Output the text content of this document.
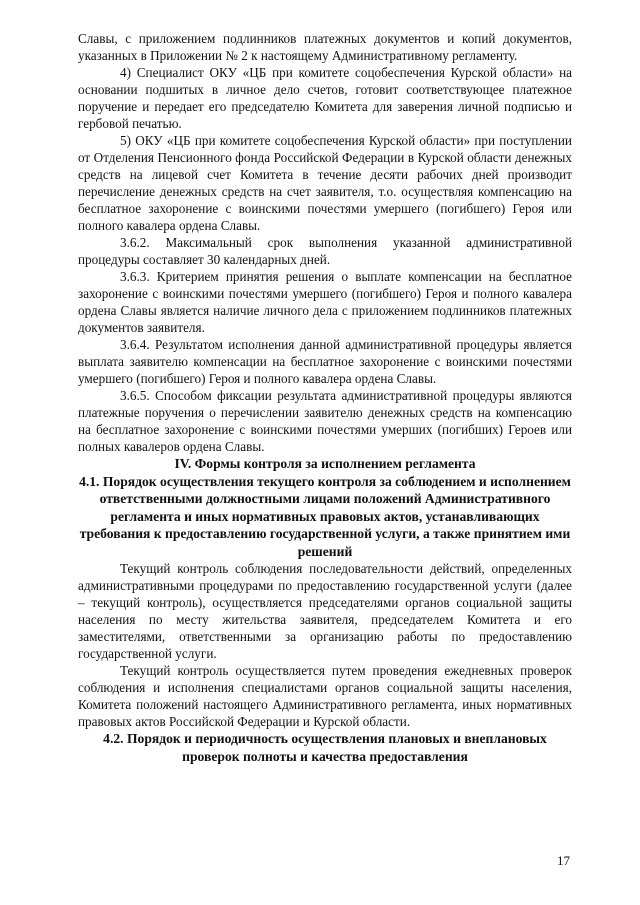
Славы, с приложением подлинников платежных документов и копий документов, указанных в Приложении № 2 к настоящему Административному регламенту.

4) Специалист ОКУ «ЦБ при комитете соцобеспечения Курской области» на основании подшитых в личное дело счетов, готовит соответствующее платежное поручение и передает его председателю Комитета для заверения личной подписью и гербовой печатью.

5) ОКУ «ЦБ при комитете соцобеспечения Курской области» при поступлении от Отделения Пенсионного фонда Российской Федерации в Курской области денежных средств на лицевой счет Комитета в течение десяти рабочих дней производит перечисление денежных средств на счет заявителя, т.о. осуществляя компенсацию на бесплатное захоронение с воинскими почестями умершего (погибшего) Героя или полного кавалера ордена Славы.

3.6.2. Максимальный срок выполнения указанной административной процедуры составляет 30 календарных дней.

3.6.3. Критерием принятия решения о выплате компенсации на бесплатное захоронение с воинскими почестями умершего (погибшего) Героя и полного кавалера ордена Славы является наличие личного дела с приложением подлинников платежных документов заявителя.

3.6.4. Результатом исполнения данной административной процедуры является выплата заявителю компенсации на бесплатное захоронение с воинскими почестями умершего (погибшего) Героя и полного кавалера ордена Славы.

3.6.5. Способом фиксации результата административной процедуры являются платежные поручения о перечислении заявителю денежных средств на компенсацию на бесплатное захоронение с воинскими почестями умерших (погибших) Героев или полных кавалеров ордена Славы.

IV. Формы контроля за исполнением регламента

4.1. Порядок осуществления текущего контроля за соблюдением и исполнением ответственными должностными лицами положений Административного регламента и иных нормативных правовых актов, устанавливающих требования к предоставлению государственной услуги, а также принятием ими решений

Текущий контроль соблюдения последовательности действий, определенных административными процедурами по предоставлению государственной услуги (далее – текущий контроль), осуществляется председателями органов социальной защиты населения по месту жительства заявителя, председателем Комитета и его заместителями, ответственными за организацию работы по предоставлению государственной услуги.

Текущий контроль осуществляется путем проведения ежедневных проверок соблюдения и исполнения специалистами органов социальной защиты населения, Комитета положений настоящего Административного регламента, иных нормативных правовых актов Российской Федерации и Курской области.

4.2. Порядок и периодичность осуществления плановых и внеплановых проверок полноты и качества предоставления

17
